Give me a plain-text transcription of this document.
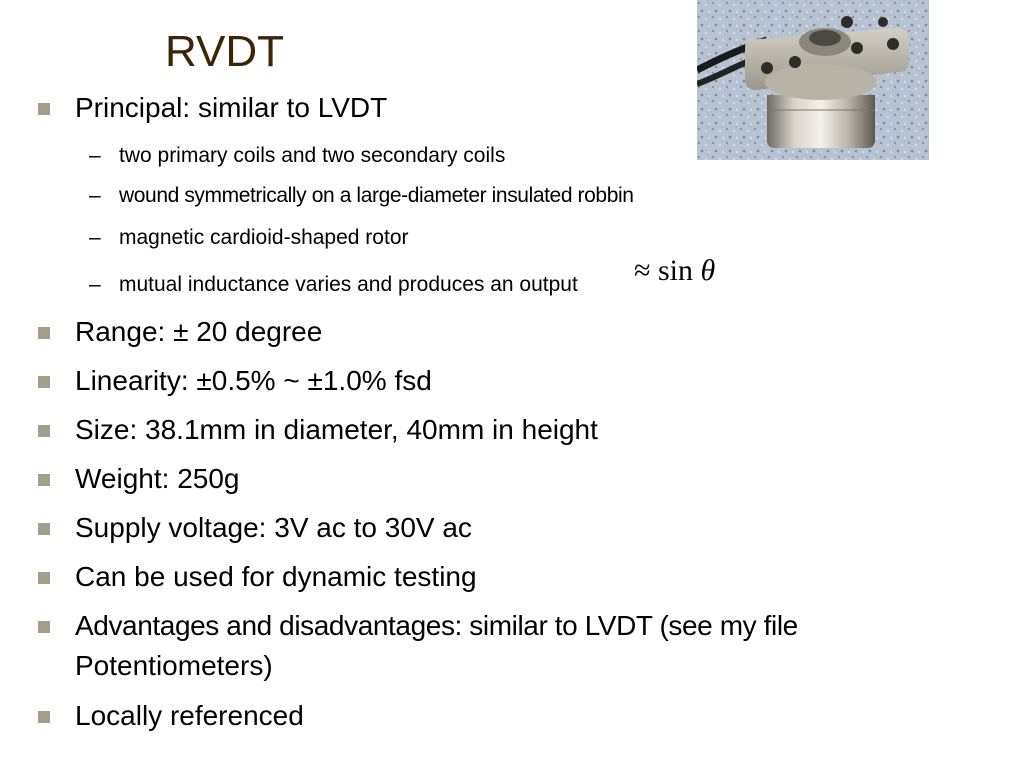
RVDT
Principal: similar to LVDT
– two primary coils and two secondary coils
– wound symmetrically on a large-diameter insulated robbin
– magnetic cardioid-shaped rotor
– mutual inductance varies and produces an output ≈ sin θ
Range: ± 20 degree
Linearity: ±0.5% ~ ±1.0% fsd
Size: 38.1mm in diameter, 40mm in height
Weight: 250g
Supply voltage: 3V ac to 30V ac
Can be used for dynamic testing
Advantages and disadvantages: similar to LVDT (see my file
Potentiometers)
Locally referenced
